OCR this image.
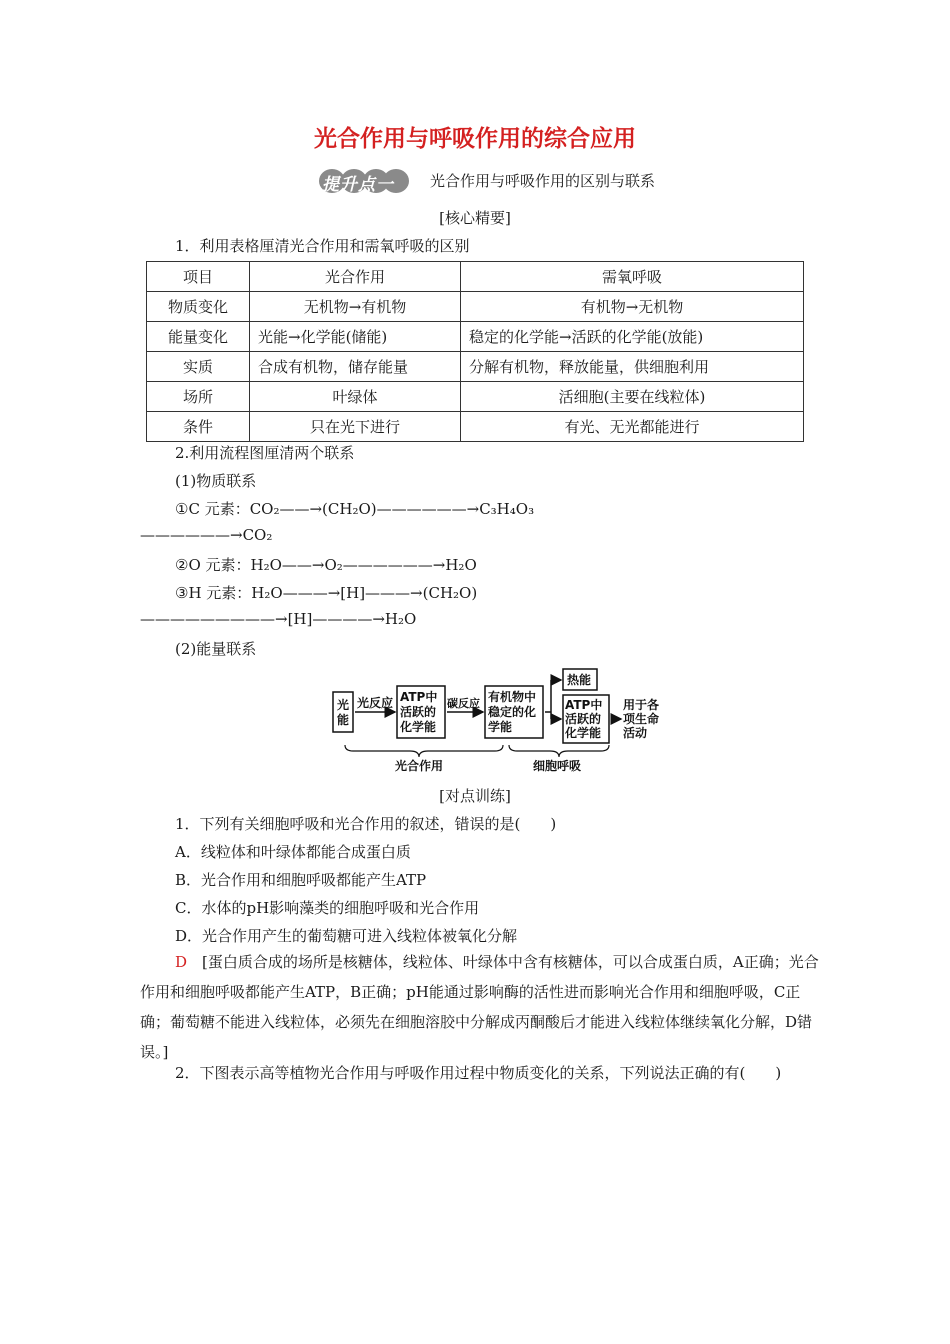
光合作用与呼吸作用的综合应用
提升点一 光合作用与呼吸作用的区别与联系
[核心精要]
1．利用表格厘清光合作用和需氧呼吸的区别
项目	光合作用	需氧呼吸
物质变化	无机物→有机物	有机物→无机物
能量变化	光能→化学能(储能)	稳定的化学能→活跃的化学能(放能)
实质	合成有机物，储存能量	分解有机物，释放能量，供细胞利用
场所	叶绿体	活细胞(主要在线粒体)
条件	只在光下进行	有光、无光都能进行
2.利用流程图厘清两个联系
(1)物质联系
①C 元素：CO₂——→(CH₂O)——————→C₃H₄O₃
——————→CO₂
②O 元素：H₂O——→O₂——————→H₂O
③H 元素：H₂O———→[H]———→(CH₂O)
—————————→[H]————→H₂O
(2)能量联系
光
能
光反应 ATP中
活跃的
化学能
碳反应 有机物中
稳定的化
学能
热能
ATP中
活跃的
化学能
用于各
项生命
活动
光合作用	细胞呼吸
[对点训练]
1．下列有关细胞呼吸和光合作用的叙述，错误的是(　　)
A．线粒体和叶绿体都能合成蛋白质
B．光合作用和细胞呼吸都能产生ATP
C．水体的pH影响藻类的细胞呼吸和光合作用
D．光合作用产生的葡萄糖可进入线粒体被氧化分解
D　 [蛋白质合成的场所是核糖体，线粒体、叶绿体中含有核糖体，可以合成蛋白质，A正确；光合作用和细胞呼吸都能产生ATP，B正确；pH能通过影响酶的活性进而影响光合作用和细胞呼吸，C正确；葡萄糖不能进入线粒体，必须先在细胞溶胶中分解成丙酮酸后才能进入线粒体继续氧化分解，D错误。]
2．下图表示高等植物光合作用与呼吸作用过程中物质变化的关系，下列说法正确的有(　　)
